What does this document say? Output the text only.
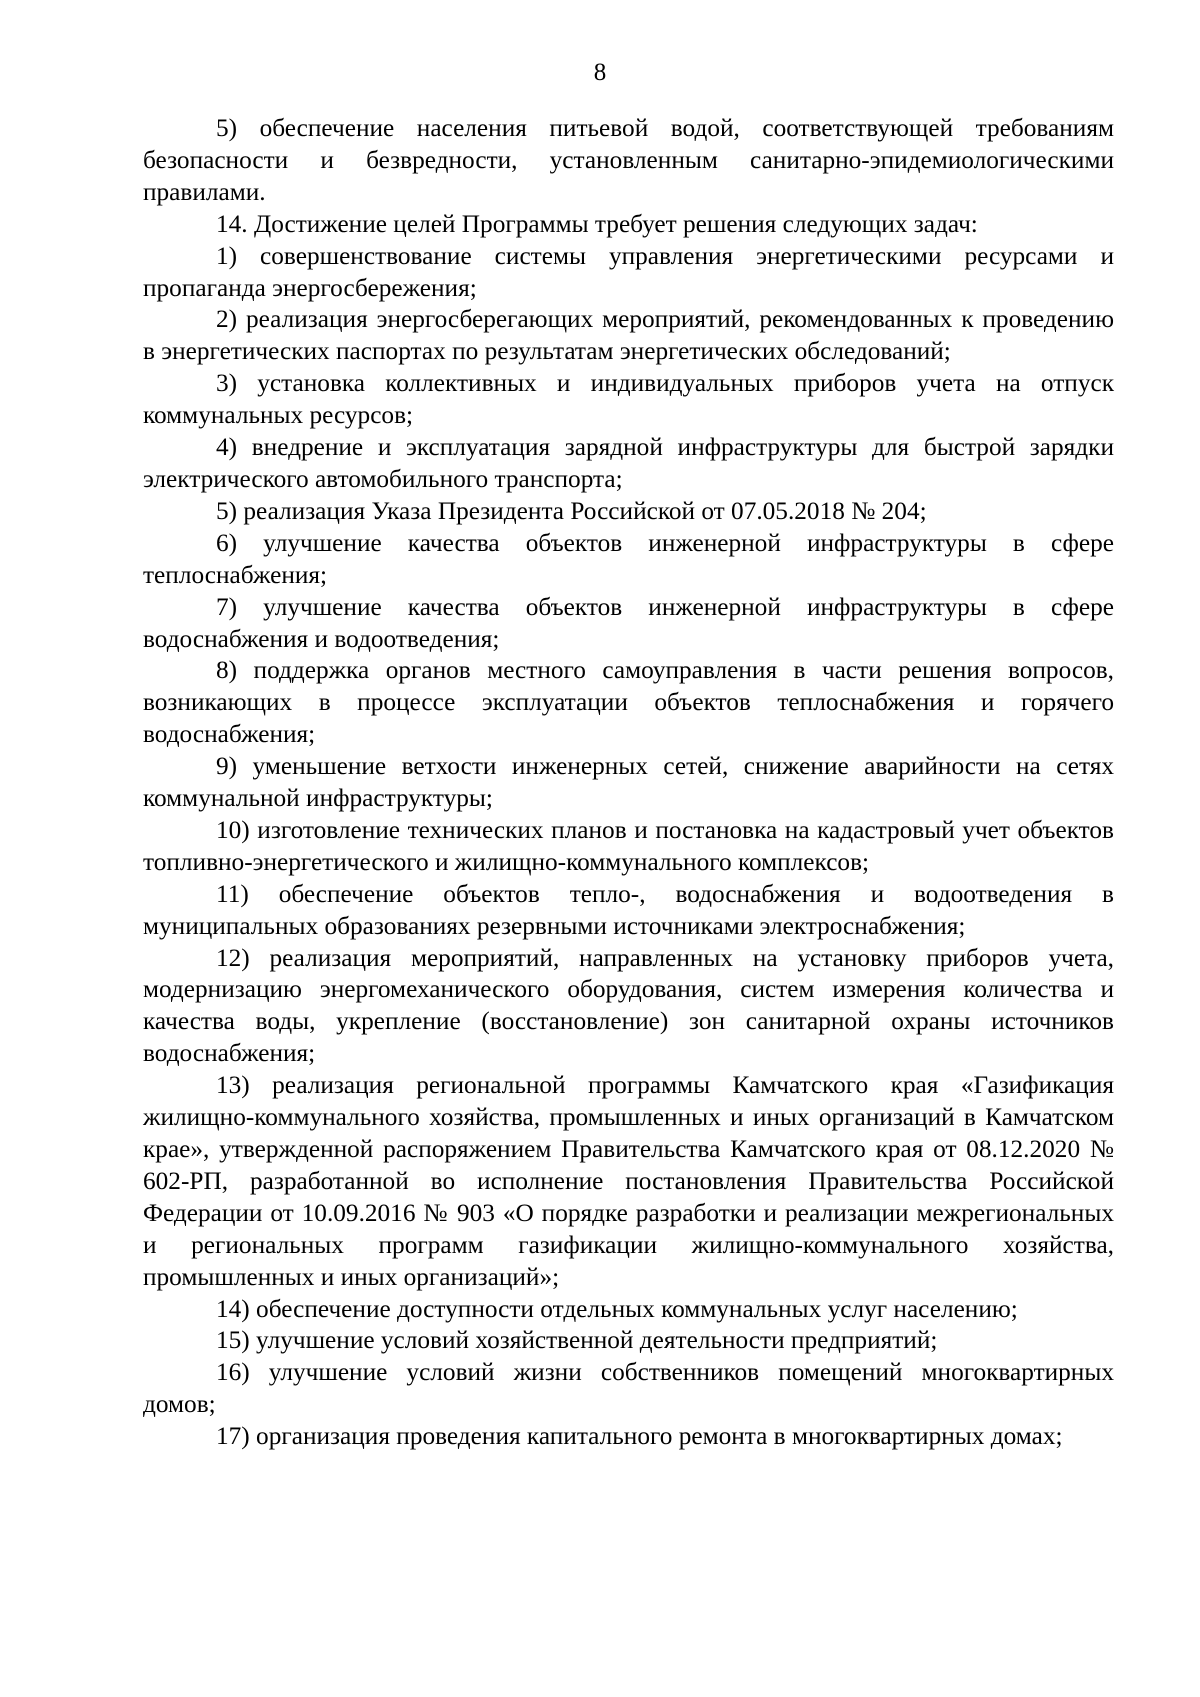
8

5) обеспечение населения питьевой водой, соответствующей требованиям безопасности и безвредности, установленным санитарно-эпидемиологическими правилами.

14. Достижение целей Программы требует решения следующих задач:

1) совершенствование системы управления энергетическими ресурсами и пропаганда энергосбережения;

2) реализация энергосберегающих мероприятий, рекомендованных к проведению в энергетических паспортах по результатам энергетических обследований;

3) установка коллективных и индивидуальных приборов учета на отпуск коммунальных ресурсов;

4) внедрение и эксплуатация зарядной инфраструктуры для быстрой зарядки электрического автомобильного транспорта;

5) реализация Указа Президента Российской от 07.05.2018 № 204;

6) улучшение качества объектов инженерной инфраструктуры в сфере теплоснабжения;

7) улучшение качества объектов инженерной инфраструктуры в сфере водоснабжения и водоотведения;

8) поддержка органов местного самоуправления в части решения вопросов, возникающих в процессе эксплуатации объектов теплоснабжения и горячего водоснабжения;

9) уменьшение ветхости инженерных сетей, снижение аварийности на сетях коммунальной инфраструктуры;

10) изготовление технических планов и постановка на кадастровый учет объектов топливно-энергетического и жилищно-коммунального комплексов;

11) обеспечение объектов тепло-, водоснабжения и водоотведения в муниципальных образованиях резервными источниками электроснабжения;

12) реализация мероприятий, направленных на установку приборов учета, модернизацию энергомеханического оборудования, систем измерения количества и качества воды, укрепление (восстановление) зон санитарной охраны источников водоснабжения;

13) реализация региональной программы Камчатского края «Газификация жилищно-коммунального хозяйства, промышленных и иных организаций в Камчатском крае», утвержденной распоряжением Правительства Камчатского края от 08.12.2020 № 602-РП, разработанной во исполнение постановления Правительства Российской Федерации от 10.09.2016 № 903 «О порядке разработки и реализации межрегиональных и региональных программ газификации жилищно-коммунального хозяйства, промышленных и иных организаций»;

14) обеспечение доступности отдельных коммунальных услуг населению;

15) улучшение условий хозяйственной деятельности предприятий;

16) улучшение условий жизни собственников помещений многоквартирных домов;

17) организация проведения капитального ремонта в многоквартирных домах;
